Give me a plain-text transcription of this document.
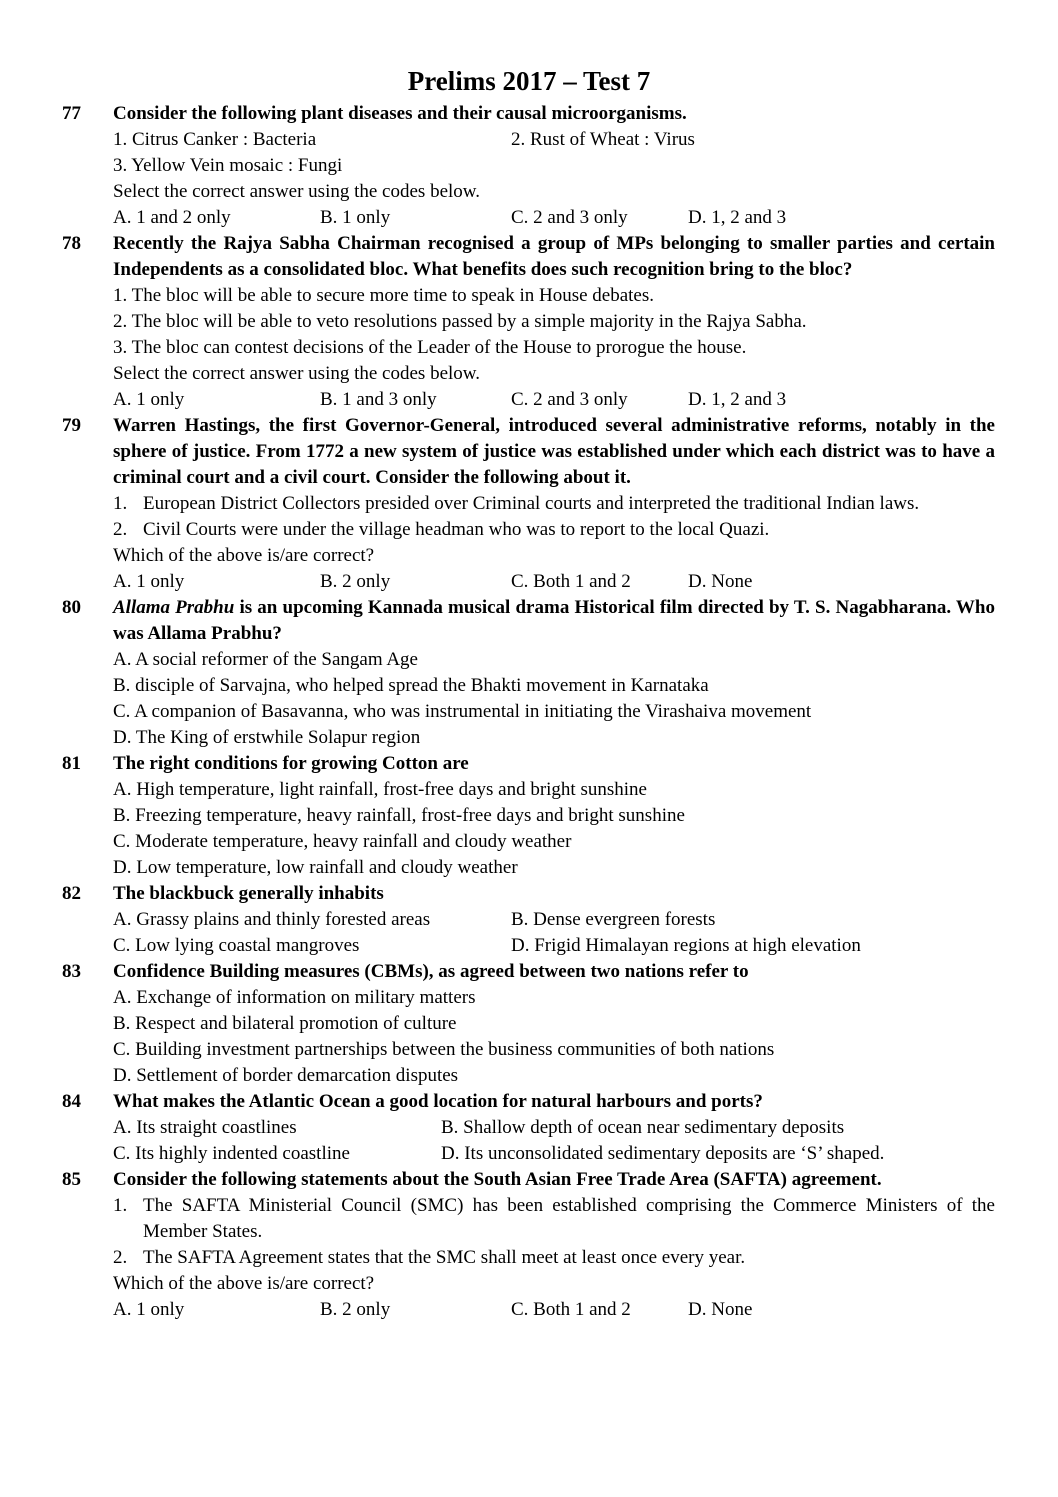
Prelims 2017 – Test 7
77 Consider the following plant diseases and their causal microorganisms.
1. Citrus Canker : Bacteria	2. Rust of Wheat : Virus
3. Yellow Vein mosaic : Fungi
Select the correct answer using the codes below.
A. 1 and 2 only	B. 1 only	C. 2 and 3 only	D. 1, 2 and 3
78 Recently the Rajya Sabha Chairman recognised a group of MPs belonging to smaller parties and certain Independents as a consolidated bloc. What benefits does such recognition bring to the bloc?
1. The bloc will be able to secure more time to speak in House debates.
2. The bloc will be able to veto resolutions passed by a simple majority in the Rajya Sabha.
3. The bloc can contest decisions of the Leader of the House to prorogue the house.
Select the correct answer using the codes below.
A. 1 only	B. 1 and 3 only	C. 2 and 3 only	D. 1, 2 and 3
79 Warren Hastings, the first Governor-General, introduced several administrative reforms, notably in the sphere of justice. From 1772 a new system of justice was established under which each district was to have a criminal court and a civil court. Consider the following about it.
1. European District Collectors presided over Criminal courts and interpreted the traditional Indian laws.
2. Civil Courts were under the village headman who was to report to the local Quazi.
Which of the above is/are correct?
A. 1 only	B. 2 only	C. Both 1 and 2	D. None
80 Allama Prabhu is an upcoming Kannada musical drama Historical film directed by T. S. Nagabharana. Who was Allama Prabhu?
A. A social reformer of the Sangam Age
B. disciple of Sarvajna, who helped spread the Bhakti movement in Karnataka
C. A companion of Basavanna, who was instrumental in initiating the Virashaiva movement
D. The King of erstwhile Solapur region
81 The right conditions for growing Cotton are
A. High temperature, light rainfall, frost-free days and bright sunshine
B. Freezing temperature, heavy rainfall, frost-free days and bright sunshine
C. Moderate temperature, heavy rainfall and cloudy weather
D. Low temperature, low rainfall and cloudy weather
82 The blackbuck generally inhabits
A. Grassy plains and thinly forested areas	B. Dense evergreen forests
C. Low lying coastal mangroves	D. Frigid Himalayan regions at high elevation
83 Confidence Building measures (CBMs), as agreed between two nations refer to
A. Exchange of information on military matters
B. Respect and bilateral promotion of culture
C. Building investment partnerships between the business communities of both nations
D. Settlement of border demarcation disputes
84 What makes the Atlantic Ocean a good location for natural harbours and ports?
A. Its straight coastlines	B. Shallow depth of ocean near sedimentary deposits
C. Its highly indented coastline	D. Its unconsolidated sedimentary deposits are ‘S’ shaped.
85 Consider the following statements about the South Asian Free Trade Area (SAFTA) agreement.
1. The SAFTA Ministerial Council (SMC) has been established comprising the Commerce Ministers of the Member States.
2. The SAFTA Agreement states that the SMC shall meet at least once every year.
Which of the above is/are correct?
A. 1 only	B. 2 only	C. Both 1 and 2	D. None
